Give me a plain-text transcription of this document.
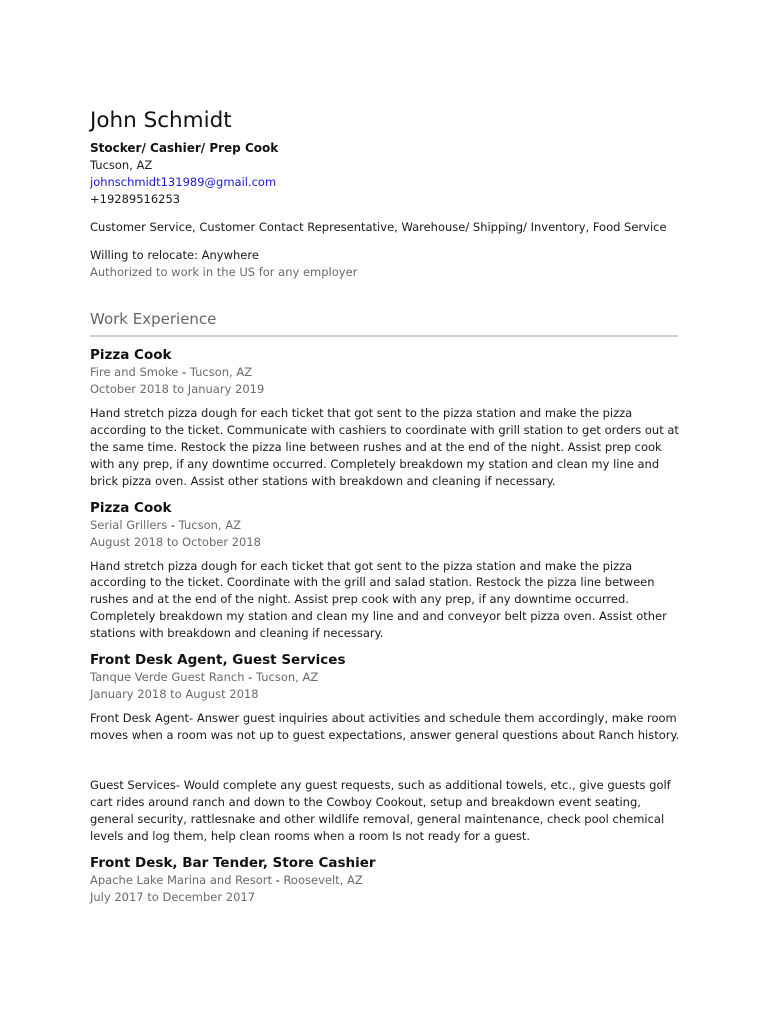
John Schmidt
Stocker/ Cashier/ Prep Cook
Tucson, AZ
johnschmidt131989@gmail.com
+19289516253
Customer Service, Customer Contact Representative, Warehouse/ Shipping/ Inventory, Food Service
Willing to relocate: Anywhere
Authorized to work in the US for any employer
Work Experience
Pizza Cook
Fire and Smoke - Tucson, AZ
October 2018 to January 2019
Hand stretch pizza dough for each ticket that got sent to the pizza station and make the pizza according to the ticket. Communicate with cashiers to coordinate with grill station to get orders out at the same time. Restock the pizza line between rushes and at the end of the night. Assist prep cook with any prep, if any downtime occurred. Completely breakdown my station and clean my line and brick pizza oven. Assist other stations with breakdown and cleaning if necessary.
Pizza Cook
Serial Grillers - Tucson, AZ
August 2018 to October 2018
Hand stretch pizza dough for each ticket that got sent to the pizza station and make the pizza according to the ticket. Coordinate with the grill and salad station. Restock the pizza line between rushes and at the end of the night. Assist prep cook with any prep, if any downtime occurred. Completely breakdown my station and clean my line and and conveyor belt pizza oven. Assist other stations with breakdown and cleaning if necessary.
Front Desk Agent, Guest Services
Tanque Verde Guest Ranch - Tucson, AZ
January 2018 to August 2018
Front Desk Agent- Answer guest inquiries about activities and schedule them accordingly, make room moves when a room was not up to guest expectations, answer general questions about Ranch history.
Guest Services- Would complete any guest requests, such as additional towels, etc., give guests golf cart rides around ranch and down to the Cowboy Cookout, setup and breakdown event seating, general security, rattlesnake and other wildlife removal, general maintenance, check pool chemical levels and log them, help clean rooms when a room Is not ready for a guest.
Front Desk, Bar Tender, Store Cashier
Apache Lake Marina and Resort - Roosevelt, AZ
July 2017 to December 2017
